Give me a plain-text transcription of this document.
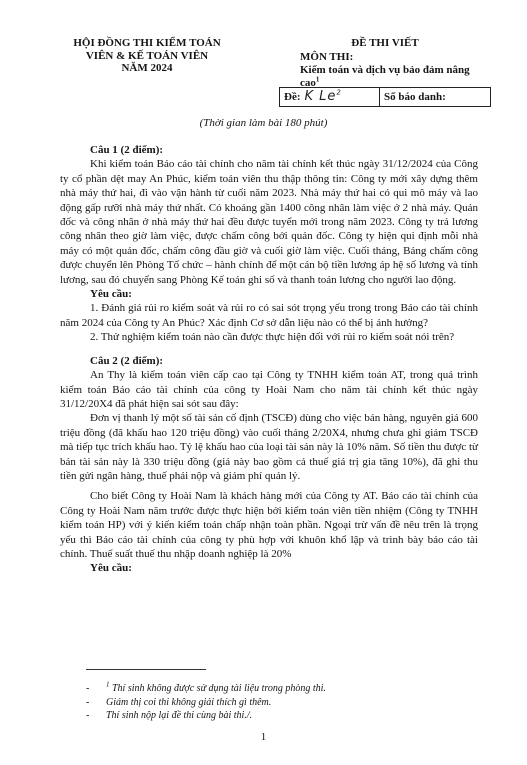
HỘI ĐỒNG THI KIỂM TOÁN
VIÊN & KẾ TOÁN VIÊN
NĂM 2024
ĐỀ THI VIẾT
MÔN THI:
Kiểm toán và dịch vụ bảo đảm nâng cao$^1$
Đề: K Le$^2$	Số báo danh:
(Thời gian làm bài 180 phút)

Câu 1 (2 điểm):

Khi kiểm toán Báo cáo tài chính cho năm tài chính kết thúc ngày 31/12/2024 của Công ty cổ phần dệt may An Phúc, kiểm toán viên thu thập thông tin: Công ty mới xây dựng thêm nhà máy thứ hai, đi vào vận hành từ cuối năm 2023. Nhà máy thứ hai có qui mô máy và lao động gấp rưỡi nhà máy thứ nhất. Có khoảng gần 1400 công nhân làm việc ở 2 nhà máy. Quản đốc và công nhân ở nhà máy thứ hai đều được tuyển mới trong năm 2023. Công ty trả lương công nhân theo giờ làm việc, được chấm công bởi quản đốc. Công ty hiện qui định mỗi nhà máy có một quản đốc, chấm công đầu giờ và cuối giờ làm việc. Cuối tháng, Bảng chấm công được chuyển lên Phòng Tổ chức – hành chính để một cán bộ tiền lương áp hệ số lương và tính lương, sau đó chuyển sang Phòng Kế toán ghi số và thanh toán lương cho người lao động.

Yêu cầu:

1. Đánh giá rủi ro kiểm soát và rủi ro có sai sót trọng yếu trong trong Báo cáo tài chính năm 2024 của Công ty An Phúc? Xác định Cơ sở dẫn liệu nào có thể bị ảnh hưởng?

2. Thử nghiệm kiểm toán nào cần được thực hiện đối với rủi ro kiểm soát nói trên?

Câu 2 (2 điểm):

An Thy là kiểm toán viên cấp cao tại Công ty TNHH kiểm toán AT, trong quá trình kiểm toán Báo cáo tài chính của công ty Hoài Nam cho năm tài chính kết thúc ngày 31/12/20X4 đã phát hiện sai sót sau đây:

Đơn vị thanh lý một số tài sản cố định (TSCĐ) dùng cho việc bán hàng, nguyên giá 600 triệu đồng (đã khấu hao 120 triệu đồng) vào cuối tháng 2/20X4, nhưng chưa ghi giảm TSCĐ mà tiếp tục trích khấu hao. Tỷ lệ khấu hao của loại tài sản này là 10% năm. Số tiền thu được từ bán tài sản này là 330 triệu đồng (giá này bao gồm cả thuế giá trị gia tăng 10%), đã ghi thu tiền gửi ngân hàng, thuế phải nộp và giảm phí quản lý.

Cho biết Công ty Hoài Nam là khách hàng mới của Công ty AT. Báo cáo tài chính của Công ty Hoài Nam năm trước được thực hiện bởi kiểm toán viên tiền nhiệm (Công ty TNHH kiểm toán HP) với ý kiến kiểm toán chấp nhận toàn phần. Ngoại trừ vấn đề nêu trên là trọng yếu thì Báo cáo tài chính của công ty phù hợp với khuôn khổ lập và trình bày báo cáo tài chính. Thuế suất thuế thu nhập doanh nghiệp là 20%

Yêu cầu:

- $^1$ Thí sinh không được sử dụng tài liệu trong phòng thi.
- Giám thị coi thi không giải thích gì thêm.
- Thí sinh nộp lại đề thi cùng bài thi./.
1
